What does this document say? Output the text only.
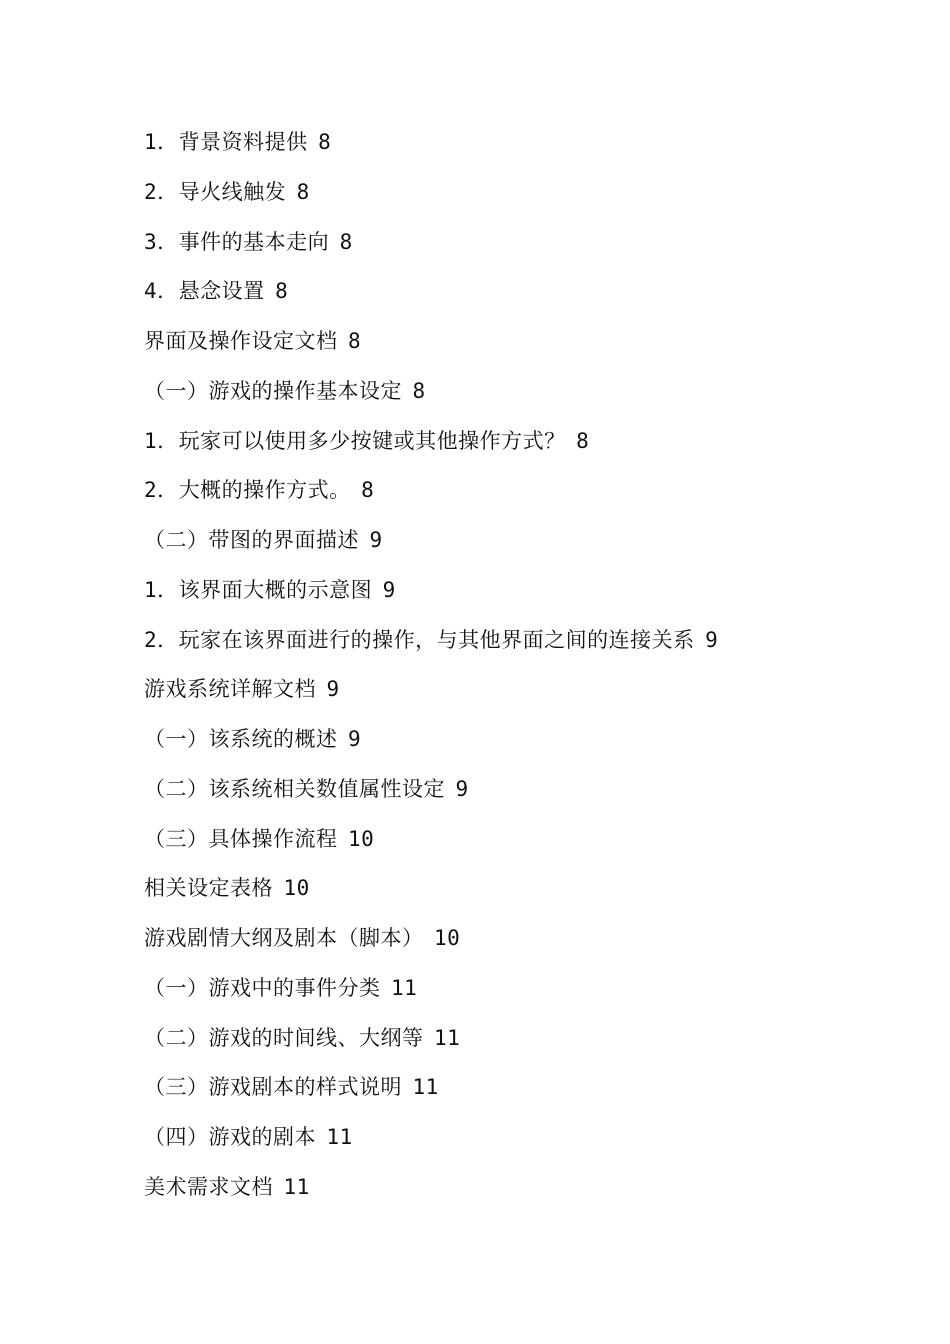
1．背景资料提供 8
2．导火线触发 8
3．事件的基本走向 8
4．悬念设置 8
界面及操作设定文档 8
（一）游戏的操作基本设定 8
1．玩家可以使用多少按键或其他操作方式？ 8
2．大概的操作方式。 8
（二）带图的界面描述 9
1．该界面大概的示意图 9
2．玩家在该界面进行的操作，与其他界面之间的连接关系 9
游戏系统详解文档 9
（一）该系统的概述 9
（二）该系统相关数值属性设定 9
（三）具体操作流程 10
相关设定表格 10
游戏剧情大纲及剧本（脚本） 10
（一）游戏中的事件分类 11
（二）游戏的时间线、大纲等 11
（三）游戏剧本的样式说明 11
（四）游戏的剧本 11
美术需求文档 11
